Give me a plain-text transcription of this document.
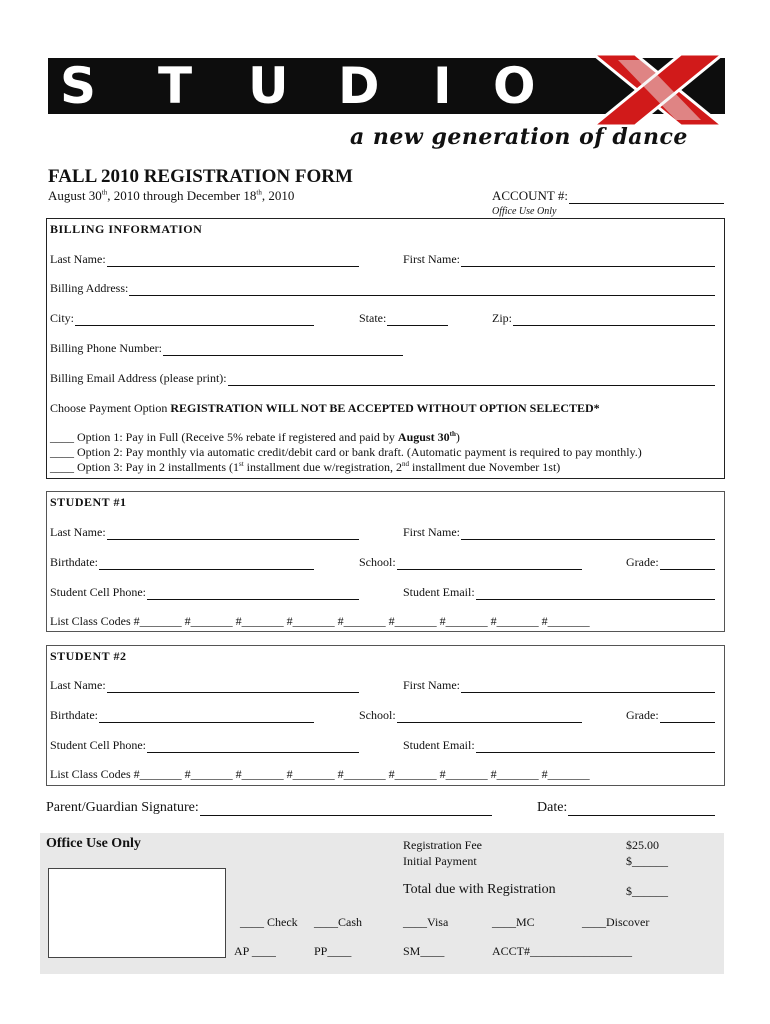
S T U D I O
a new generation of dance
FALL 2010 REGISTRATION FORM
August 30th, 2010 through December 18th, 2010	ACCOUNT #:
Office Use Only
BILLING INFORMATION
Last Name:	First Name:
Billing Address:
City:	State:	Zip:
Billing Phone Number:
Billing Email Address (please print):
Choose Payment Option REGISTRATION WILL NOT BE ACCEPTED WITHOUT OPTION SELECTED*
____ Option 1: Pay in Full (Receive 5% rebate if registered and paid by August 30th)
____ Option 2: Pay monthly via automatic credit/debit card or bank draft. (Automatic payment is required to pay monthly.)
____ Option 3: Pay in 2 installments (1st installment due w/registration, 2nd installment due November 1st)
STUDENT #1
Last Name:	First Name:
Birthdate:	School:	Grade:
Student Cell Phone:	Student Email:
List Class Codes #_______ #_______ #_______ #_______ #_______ #_______ #_______ #_______ #_______
STUDENT #2
Last Name:	First Name:
Birthdate:	School:	Grade:
Student Cell Phone:	Student Email:
List Class Codes #_______ #_______ #_______ #_______ #_______ #_______ #_______ #_______ #_______
Parent/Guardian Signature:	Date:
Office Use Only	Registration Fee	$25.00
Initial Payment	$______
Total due with Registration	$______
____ Check ____Cash	____Visa	____MC	____Discover
AP ____	PP____	SM____	ACCT#_________________
